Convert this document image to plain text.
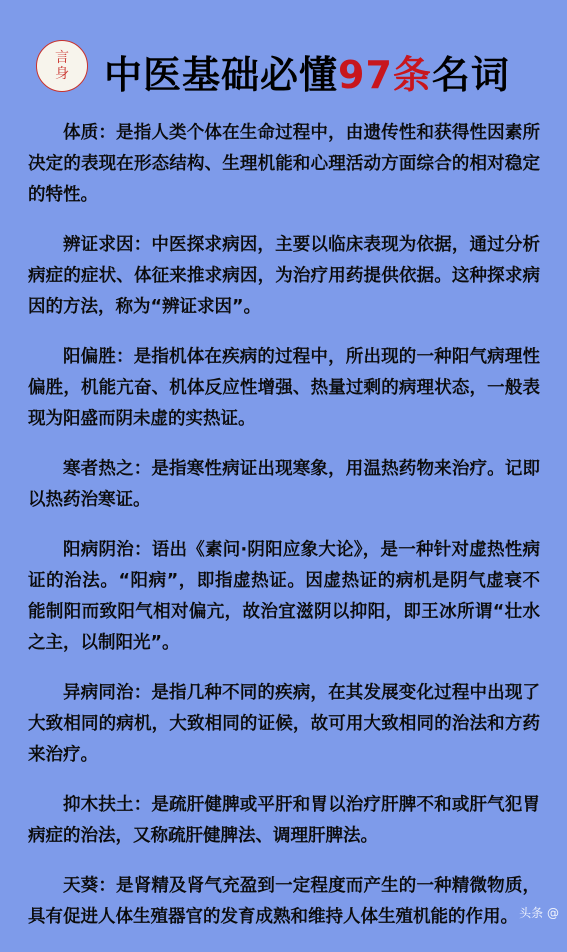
言
身 中医基础必懂97条名词

体质：是指人类个体在生命过程中，由遗传性和获得性因素所决定的表现在形态结构、生理机能和心理活动方面综合的相对稳定的特性。

辨证求因：中医探求病因，主要以临床表现为依据，通过分析病症的症状、体征来推求病因，为治疗用药提供依据。这种探求病因的方法，称为“辨证求因”。

阳偏胜：是指机体在疾病的过程中，所出现的一种阳气病理性偏胜，机能亢奋、机体反应性增强、热量过剩的病理状态，一般表现为阳盛而阴未虚的实热证。

寒者热之：是指寒性病证出现寒象，用温热药物来治疗。记即以热药治寒证。

阳病阴治：语出《素问·阴阳应象大论》，是一种针对虚热性病证的治法。“阳病”，即指虚热证。因虚热证的病机是阴气虚衰不能制阳而致阳气相对偏亢，故治宜滋阴以抑阳，即王冰所谓“壮水之主，以制阳光”。

异病同治：是指几种不同的疾病，在其发展变化过程中出现了大致相同的病机，大致相同的证候，故可用大致相同的治法和方药来治疗。

抑木扶土：是疏肝健脾或平肝和胃以治疗肝脾不和或肝气犯胃病症的治法，又称疏肝健脾法、调理肝脾法。

天葵：是肾精及肾气充盈到一定程度而产生的一种精微物质，具有促进人体生殖器官的发育成熟和维持人体生殖机能的作用。 头条 @
